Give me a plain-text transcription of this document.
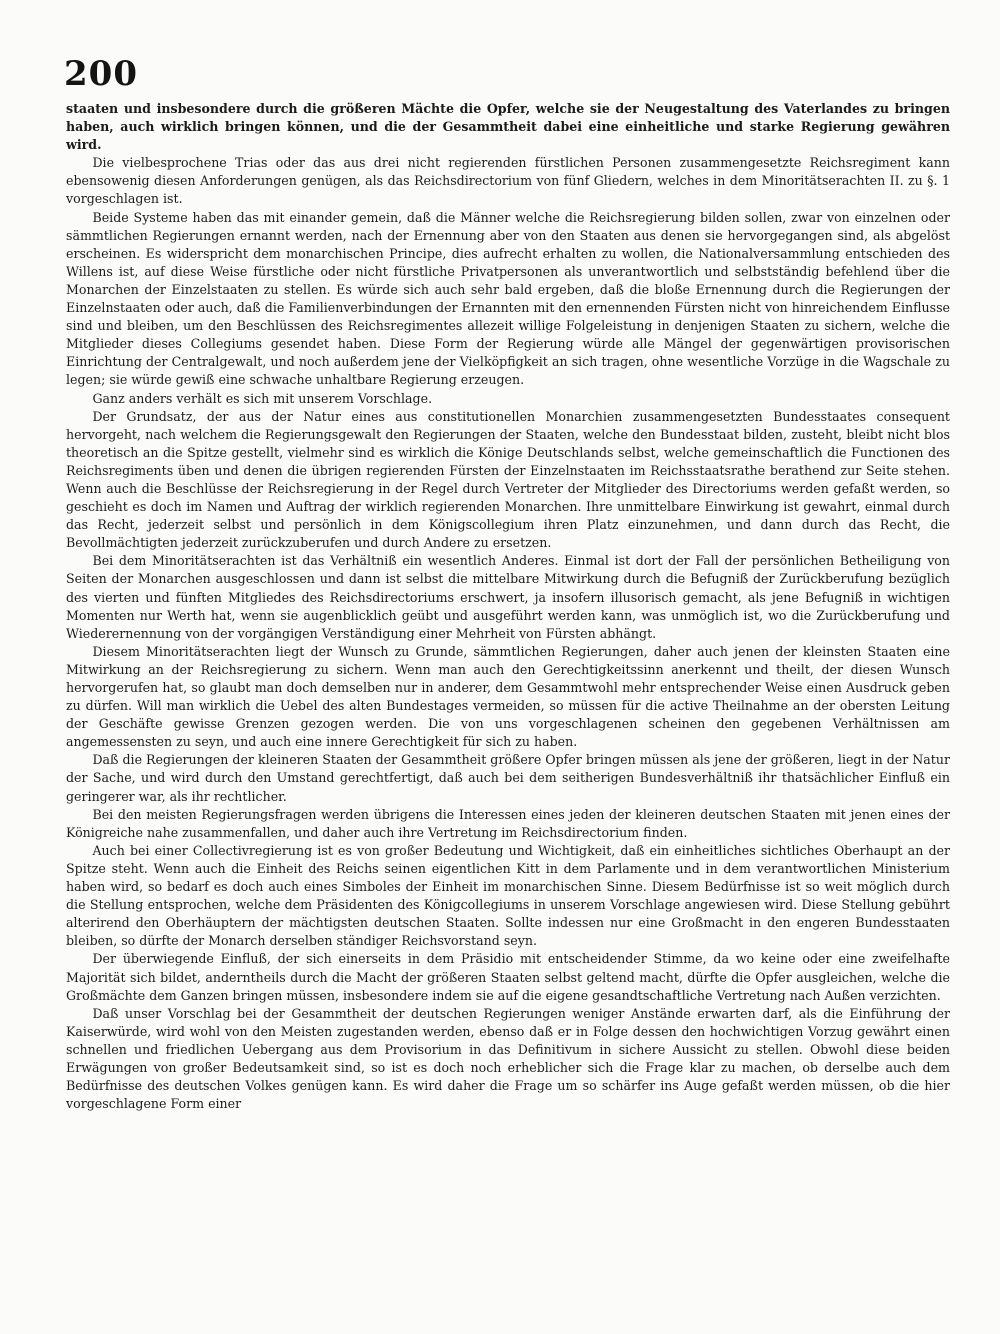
200

staaten und insbesondere durch die größeren Mächte die Opfer, welche sie der Neugestaltung des Vaterlandes zu bringen haben, auch wirklich bringen können, und die der Gesammtheit dabei eine einheitliche und starke Regierung gewähren wird.

Die vielbesprochene Trias oder das aus drei nicht regierenden fürstlichen Personen zusammengesetzte Reichsregiment kann ebensowenig diesen Anforderungen genügen, als das Reichsdirectorium von fünf Gliedern, welches in dem Minoritätserachten II. zu §. 1 vorgeschlagen ist.

Beide Systeme haben das mit einander gemein, daß die Männer welche die Reichsregierung bilden sollen, zwar von einzelnen oder sämmtlichen Regierungen ernannt werden, nach der Ernennung aber von den Staaten aus denen sie hervorgegangen sind, als abgelöst erscheinen. Es widerspricht dem monarchischen Principe, dies aufrecht erhalten zu wollen, die Nationalversammlung entschieden des Willens ist, auf diese Weise fürstliche oder nicht fürstliche Privatpersonen als unverantwortlich und selbstständig befehlend über die Monarchen der Einzelstaaten zu stellen. Es würde sich auch sehr bald ergeben, daß die bloße Ernennung durch die Regierungen der Einzelnstaaten oder auch, daß die Familienverbindungen der Ernannten mit den ernennenden Fürsten nicht von hinreichendem Einflusse sind und bleiben, um den Beschlüssen des Reichsregimentes allezeit willige Folgeleistung in denjenigen Staaten zu sichern, welche die Mitglieder dieses Collegiums gesendet haben. Diese Form der Regierung würde alle Mängel der gegenwärtigen provisorischen Einrichtung der Centralgewalt, und noch außerdem jene der Vielköpfigkeit an sich tragen, ohne wesentliche Vorzüge in die Wagschale zu legen; sie würde gewiß eine schwache unhaltbare Regierung erzeugen.

Ganz anders verhält es sich mit unserem Vorschlage.

Der Grundsatz, der aus der Natur eines aus constitutionellen Monarchien zusammengesetzten Bundesstaates consequent hervorgeht, nach welchem die Regierungsgewalt den Regierungen der Staaten, welche den Bundesstaat bilden, zusteht, bleibt nicht blos theoretisch an die Spitze gestellt, vielmehr sind es wirklich die Könige Deutschlands selbst, welche gemeinschaftlich die Functionen des Reichsregiments üben und denen die übrigen regierenden Fürsten der Einzelnstaaten im Reichsstaatsrathe berathend zur Seite stehen. Wenn auch die Beschlüsse der Reichsregierung in der Regel durch Vertreter der Mitglieder des Directoriums werden gefaßt werden, so geschieht es doch im Namen und Auftrag der wirklich regierenden Monarchen. Ihre unmittelbare Einwirkung ist gewahrt, einmal durch das Recht, jederzeit selbst und persönlich in dem Königscollegium ihren Platz einzunehmen, und dann durch das Recht, die Bevollmächtigten jederzeit zurückzuberufen und durch Andere zu ersetzen.

Bei dem Minoritätserachten ist das Verhältniß ein wesentlich Anderes. Einmal ist dort der Fall der persönlichen Betheiligung von Seiten der Monarchen ausgeschlossen und dann ist selbst die mittelbare Mitwirkung durch die Befugniß der Zurückberufung bezüglich des vierten und fünften Mitgliedes des Reichsdirectoriums erschwert, ja insofern illusorisch gemacht, als jene Befugniß in wichtigen Momenten nur Werth hat, wenn sie augenblicklich geübt und ausgeführt werden kann, was unmöglich ist, wo die Zurückberufung und Wiederernennung von der vorgängigen Verständigung einer Mehrheit von Fürsten abhängt.

Diesem Minoritätserachten liegt der Wunsch zu Grunde, sämmtlichen Regierungen, daher auch jenen der kleinsten Staaten eine Mitwirkung an der Reichsregierung zu sichern. Wenn man auch den Gerechtigkeitssinn anerkennt und theilt, der diesen Wunsch hervorgerufen hat, so glaubt man doch demselben nur in anderer, dem Gesammtwohl mehr entsprechender Weise einen Ausdruck geben zu dürfen. Will man wirklich die Uebel des alten Bundestages vermeiden, so müssen für die active Theilnahme an der obersten Leitung der Geschäfte gewisse Grenzen gezogen werden. Die von uns vorgeschlagenen scheinen den gegebenen Verhältnissen am angemessensten zu seyn, und auch eine innere Gerechtigkeit für sich zu haben.

Daß die Regierungen der kleineren Staaten der Gesammtheit größere Opfer bringen müssen als jene der größeren, liegt in der Natur der Sache, und wird durch den Umstand gerechtfertigt, daß auch bei dem seitherigen Bundesverhältniß ihr thatsächlicher Einfluß ein geringerer war, als ihr rechtlicher.

Bei den meisten Regierungsfragen werden übrigens die Interessen eines jeden der kleineren deutschen Staaten mit jenen eines der Königreiche nahe zusammenfallen, und daher auch ihre Vertretung im Reichsdirectorium finden.

Auch bei einer Collectivregierung ist es von großer Bedeutung und Wichtigkeit, daß ein einheitliches sichtliches Oberhaupt an der Spitze steht. Wenn auch die Einheit des Reichs seinen eigentlichen Kitt in dem Parlamente und in dem verantwortlichen Ministerium haben wird, so bedarf es doch auch eines Simboles der Einheit im monarchischen Sinne. Diesem Bedürfnisse ist so weit möglich durch die Stellung entsprochen, welche dem Präsidenten des Königcollegiums in unserem Vorschlage angewiesen wird. Diese Stellung gebührt alterirend den Oberhäuptern der mächtigsten deutschen Staaten. Sollte indessen nur eine Großmacht in den engeren Bundesstaaten bleiben, so dürfte der Monarch derselben ständiger Reichsvorstand seyn.

Der überwiegende Einfluß, der sich einerseits in dem Präsidio mit entscheidender Stimme, da wo keine oder eine zweifelhafte Majorität sich bildet, anderntheils durch die Macht der größeren Staaten selbst geltend macht, dürfte die Opfer ausgleichen, welche die Großmächte dem Ganzen bringen müssen, insbesondere indem sie auf die eigene gesandtschaftliche Vertretung nach Außen verzichten.

Daß unser Vorschlag bei der Gesammtheit der deutschen Regierungen weniger Anstände erwarten darf, als die Einführung der Kaiserwürde, wird wohl von den Meisten zugestanden werden, ebenso daß er in Folge dessen den hochwichtigen Vorzug gewährt einen schnellen und friedlichen Uebergang aus dem Provisorium in das Definitivum in sichere Aussicht zu stellen. Obwohl diese beiden Erwägungen von großer Bedeutsamkeit sind, so ist es doch noch erheblicher sich die Frage klar zu machen, ob derselbe auch dem Bedürfnisse des deutschen Volkes genügen kann. Es wird daher die Frage um so schärfer ins Auge gefaßt werden müssen, ob die hier vorgeschlagene Form einer
